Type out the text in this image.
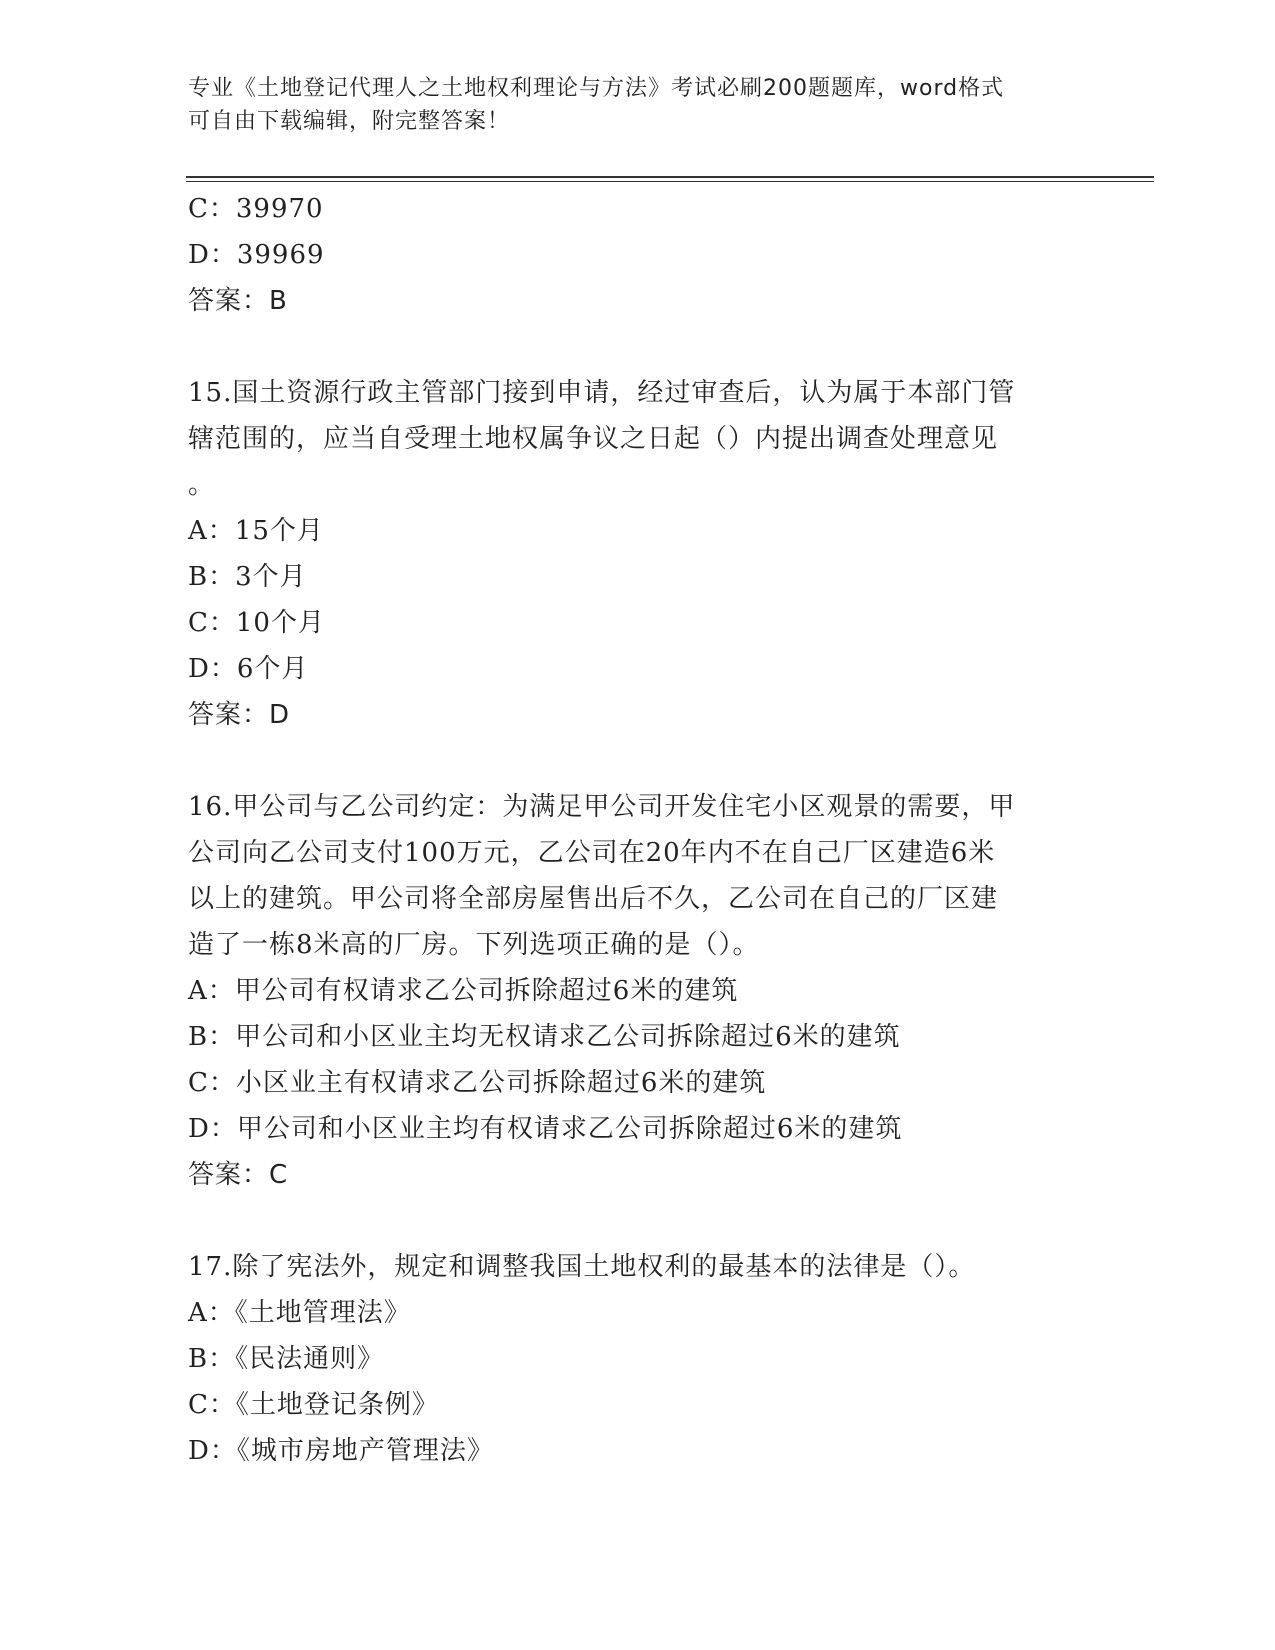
专业《土地登记代理人之土地权利理论与方法》考试必刷200题题库，word格式
可自由下载编辑，附完整答案！
C：39970
D：39969
答案：B
15.国土资源行政主管部门接到申请，经过审查后，认为属于本部门管
辖范围的，应当自受理土地权属争议之日起（）内提出调查处理意见
。
A：15个月
B：3个月
C：10个月
D：6个月
答案：D
16.甲公司与乙公司约定：为满足甲公司开发住宅小区观景的需要，甲
公司向乙公司支付100万元，乙公司在20年内不在自己厂区建造6米
以上的建筑。甲公司将全部房屋售出后不久，乙公司在自己的厂区建
造了一栋8米高的厂房。下列选项正确的是（）。
A：甲公司有权请求乙公司拆除超过6米的建筑
B：甲公司和小区业主均无权请求乙公司拆除超过6米的建筑
C：小区业主有权请求乙公司拆除超过6米的建筑
D：甲公司和小区业主均有权请求乙公司拆除超过6米的建筑
答案：C
17.除了宪法外，规定和调整我国土地权利的最基本的法律是（）。
A：《土地管理法》
B：《民法通则》
C：《土地登记条例》
D：《城市房地产管理法》
